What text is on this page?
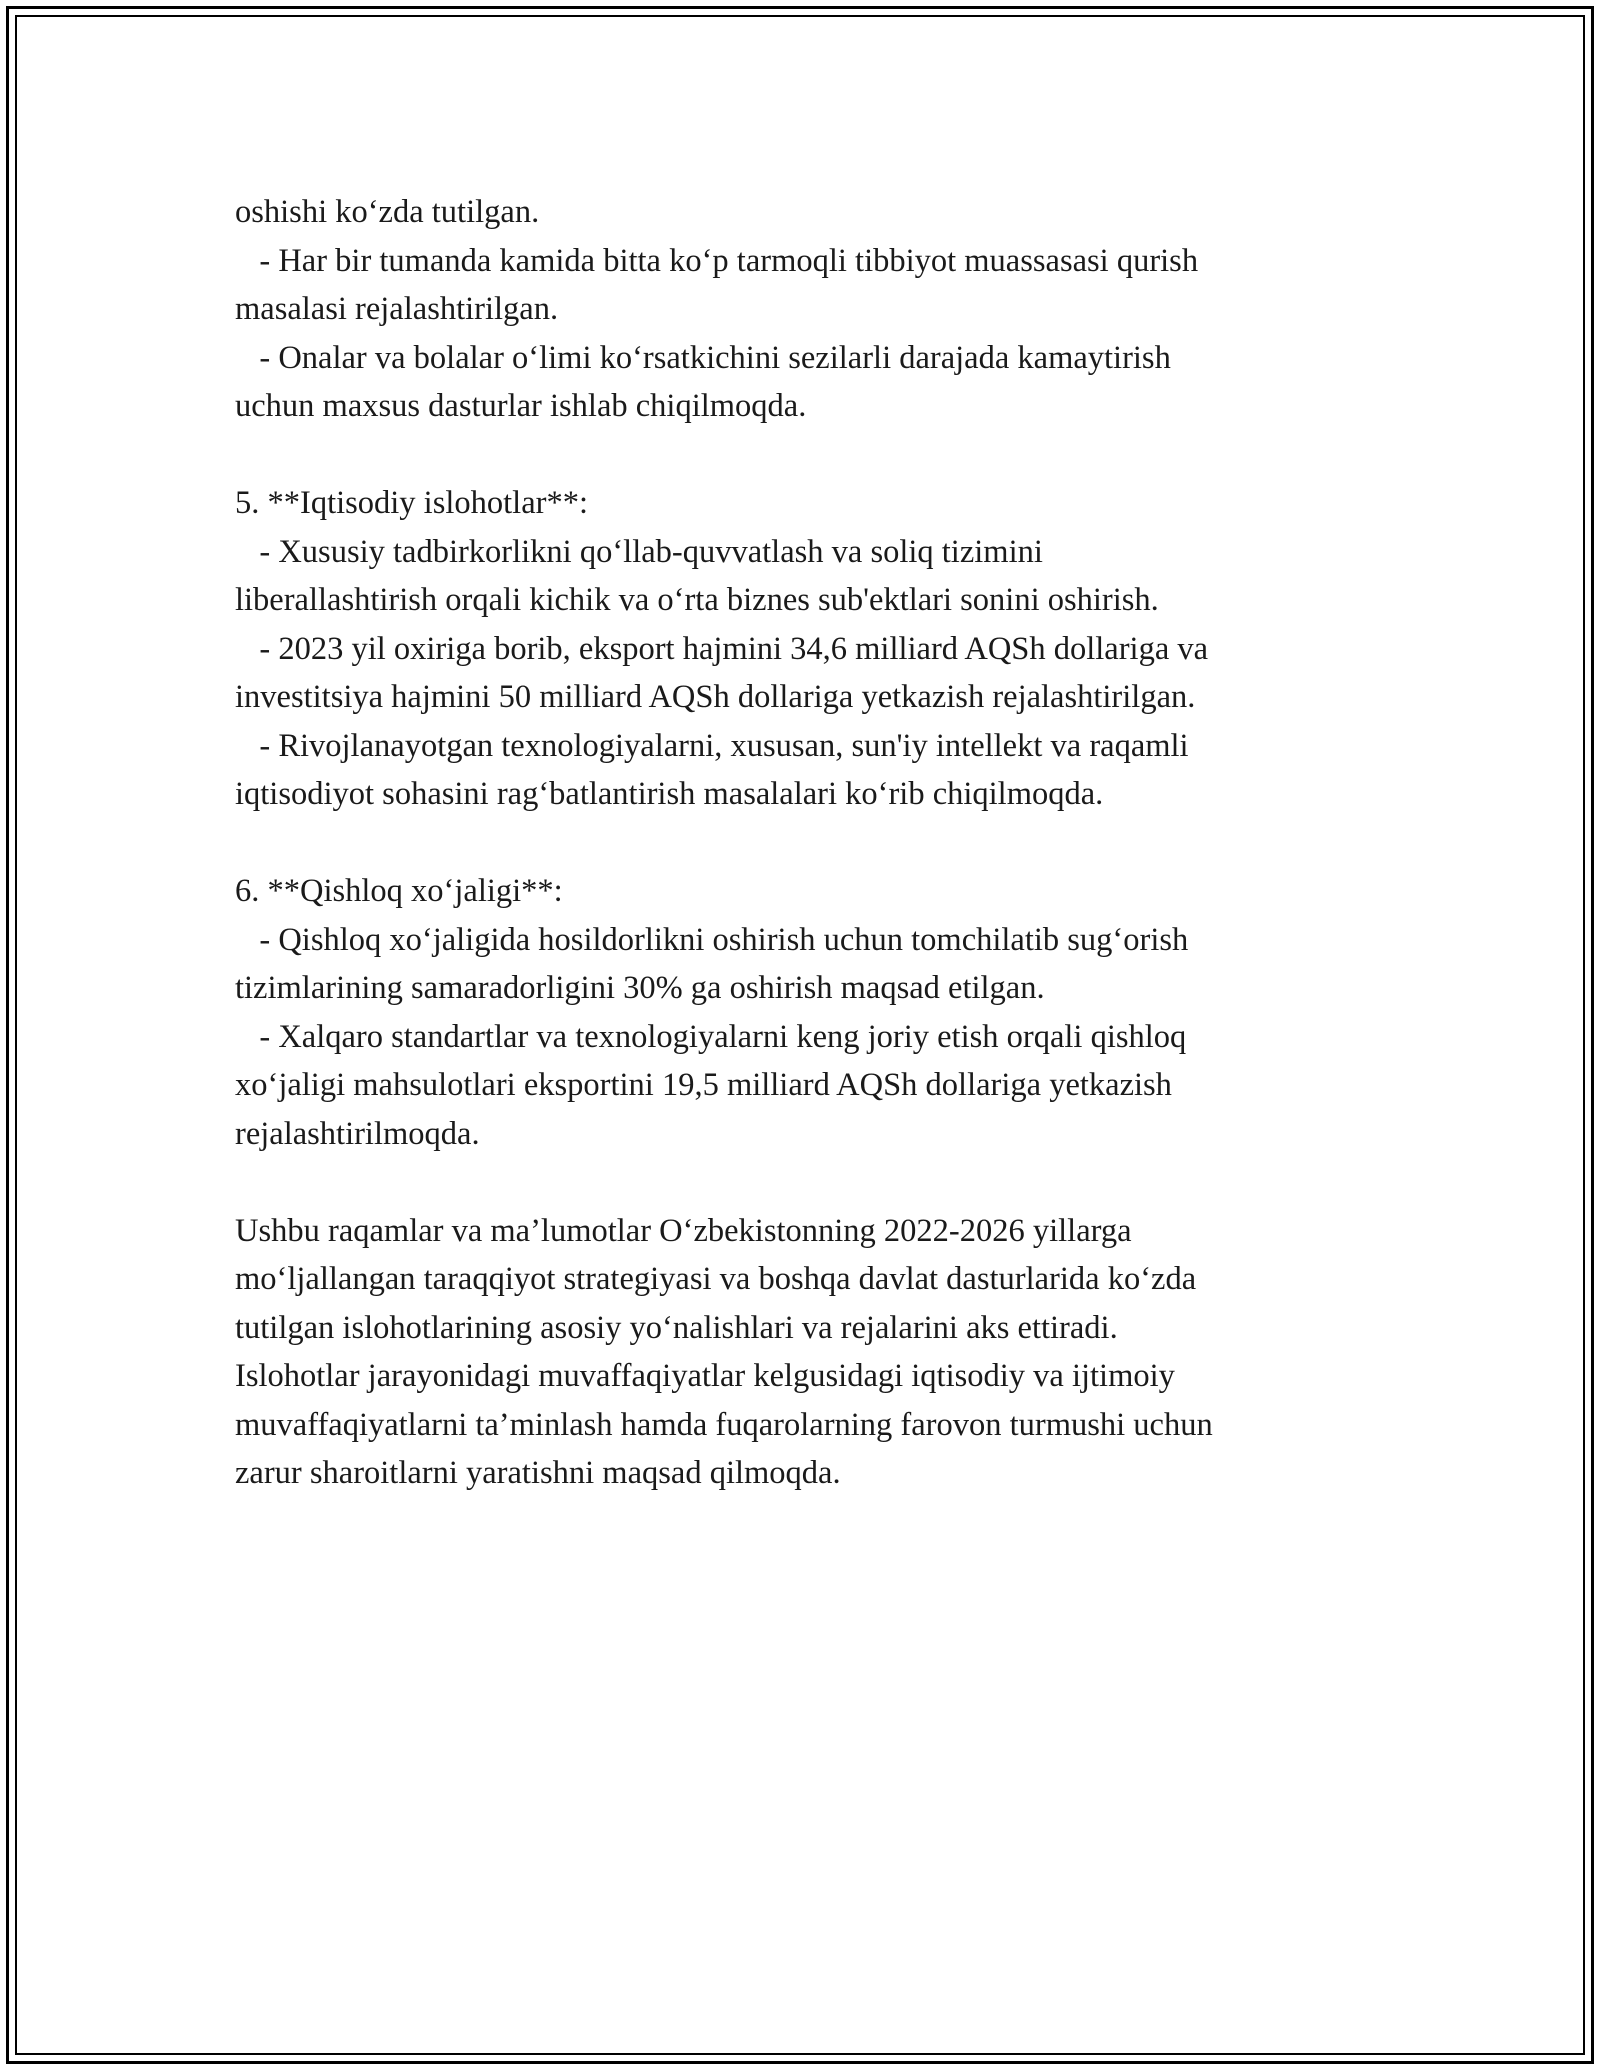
oshishi ko‘zda tutilgan.
- Har bir tumanda kamida bitta ko‘p tarmoqli tibbiyot muassasasi qurish
masalasi rejalashtirilgan.
- Onalar va bolalar o‘limi ko‘rsatkichini sezilarli darajada kamaytirish
uchun maxsus dasturlar ishlab chiqilmoqda.
5. **Iqtisodiy islohotlar**:
- Xususiy tadbirkorlikni qo‘llab-quvvatlash va soliq tizimini
liberallashtirish orqali kichik va o‘rta biznes sub'ektlari sonini oshirish.
- 2023 yil oxiriga borib, eksport hajmini 34,6 milliard AQSh dollariga va
investitsiya hajmini 50 milliard AQSh dollariga yetkazish rejalashtirilgan.
- Rivojlanayotgan texnologiyalarni, xususan, sun'iy intellekt va raqamli
iqtisodiyot sohasini rag‘batlantirish masalalari ko‘rib chiqilmoqda.
6. **Qishloq xo‘jaligi**:
- Qishloq xo‘jaligida hosildorlikni oshirish uchun tomchilatib sug‘orish
tizimlarining samaradorligini 30% ga oshirish maqsad etilgan.
- Xalqaro standartlar va texnologiyalarni keng joriy etish orqali qishloq
xo‘jaligi mahsulotlari eksportini 19,5 milliard AQSh dollariga yetkazish
rejalashtirilmoqda.
Ushbu raqamlar va ma’lumotlar O‘zbekistonning 2022-2026 yillarga
mo‘ljallangan taraqqiyot strategiyasi va boshqa davlat dasturlarida ko‘zda
tutilgan islohotlarining asosiy yo‘nalishlari va rejalarini aks ettiradi.
Islohotlar jarayonidagi muvaffaqiyatlar kelgusidagi iqtisodiy va ijtimoiy
muvaffaqiyatlarni ta’minlash hamda fuqarolarning farovon turmushi uchun
zarur sharoitlarni yaratishni maqsad qilmoqda.
